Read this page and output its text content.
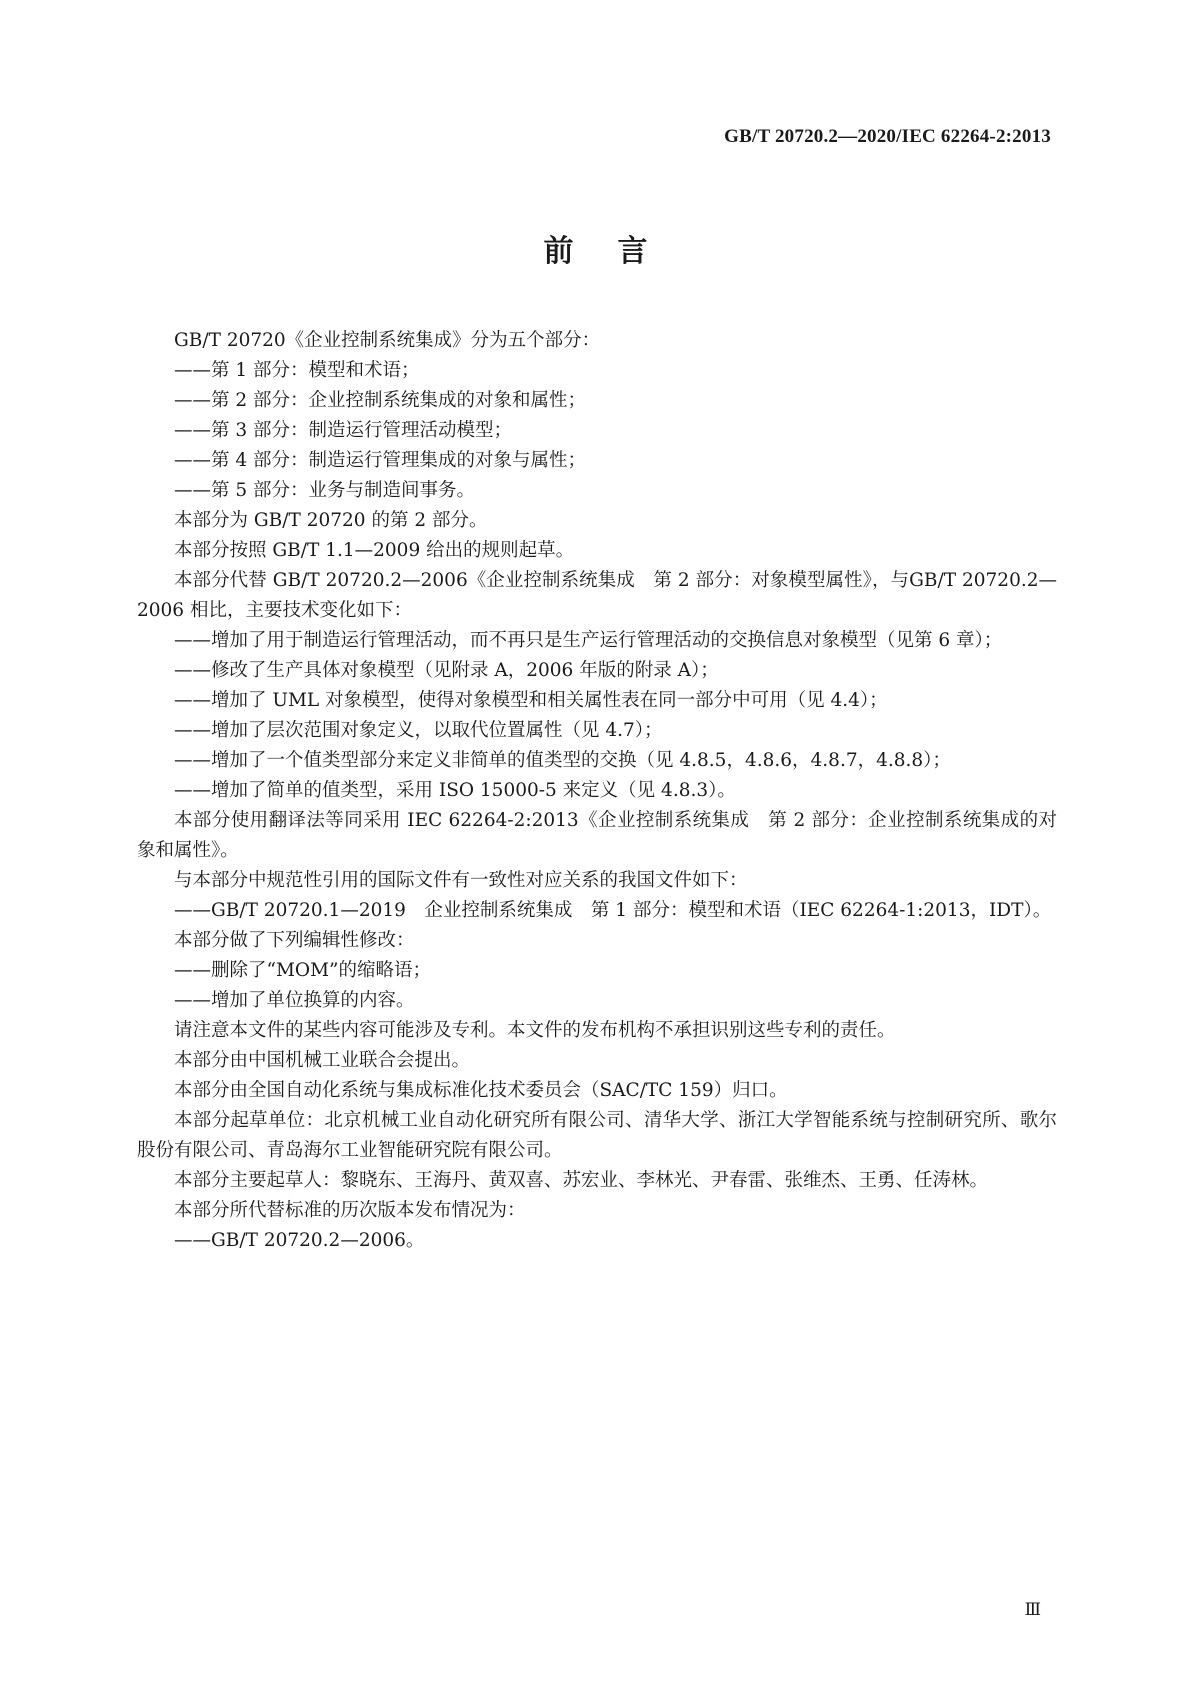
GB/T 20720.2—2020/IEC 62264-2:2013
前言

GB/T 20720《企业控制系统集成》分为五个部分：

——第 1 部分：模型和术语；

——第 2 部分：企业控制系统集成的对象和属性；

——第 3 部分：制造运行管理活动模型；

——第 4 部分：制造运行管理集成的对象与属性；

——第 5 部分：业务与制造间事务。

本部分为 GB/T 20720 的第 2 部分。

本部分按照 GB/T 1.1—2009 给出的规则起草。

本部分代替 GB/T 20720.2—2006《企业控制系统集成　第 2 部分：对象模型属性》，与GB/T 20720.2—2006 相比，主要技术变化如下：

——增加了用于制造运行管理活动，而不再只是生产运行管理活动的交换信息对象模型（见第 6 章）；

——修改了生产具体对象模型（见附录 A，2006 年版的附录 A）；

——增加了 UML 对象模型，使得对象模型和相关属性表在同一部分中可用（见 4.4）；

——增加了层次范围对象定义，以取代位置属性（见 4.7）；

——增加了一个值类型部分来定义非简单的值类型的交换（见 4.8.5，4.8.6，4.8.7，4.8.8）；

——增加了简单的值类型，采用 ISO 15000-5 来定义（见 4.8.3）。

本部分使用翻译法等同采用 IEC 62264-2:2013《企业控制系统集成　第 2 部分：企业控制系统集成的对象和属性》。

与本部分中规范性引用的国际文件有一致性对应关系的我国文件如下：

——GB/T 20720.1—2019　企业控制系统集成　第 1 部分：模型和术语（IEC 62264-1:2013，IDT）。

本部分做了下列编辑性修改：

——删除了“MOM”的缩略语；

——增加了单位换算的内容。

请注意本文件的某些内容可能涉及专利。本文件的发布机构不承担识别这些专利的责任。

本部分由中国机械工业联合会提出。

本部分由全国自动化系统与集成标准化技术委员会（SAC/TC 159）归口。

本部分起草单位：北京机械工业自动化研究所有限公司、清华大学、浙江大学智能系统与控制研究所、歌尔股份有限公司、青岛海尔工业智能研究院有限公司。

本部分主要起草人：黎晓东、王海丹、黄双喜、苏宏业、李林光、尹春雷、张维杰、王勇、任涛林。

本部分所代替标准的历次版本发布情况为：

——GB/T 20720.2—2006。

Ⅲ
